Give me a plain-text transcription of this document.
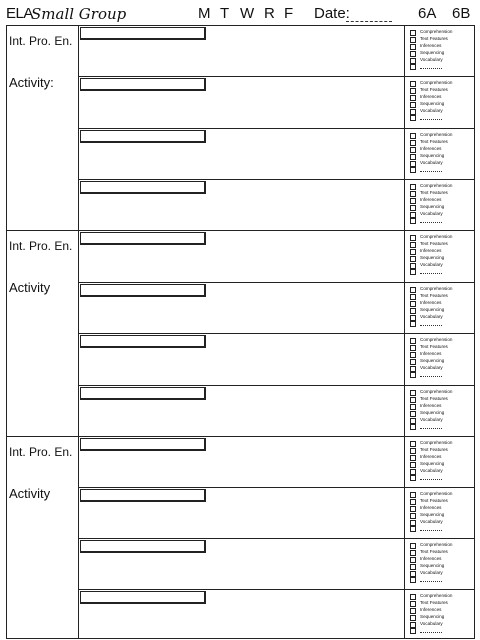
ELA
Small Group	M T W R F Date:	6A 6B
Int. Pro. En.
Activity:
Comprehension
Text Features
Inferences
Sequencing
Vocabulary
Comprehension
Text Features
Inferences
Sequencing
Vocabulary
Comprehension
Text Features
Inferences
Sequencing
Vocabulary
Comprehension
Text Features
Inferences
Sequencing
Vocabulary
Int. Pro. En.
Activity
Comprehension
Text Features
Inferences
Sequencing
Vocabulary
Comprehension
Text Features
Inferences
Sequencing
Vocabulary
Comprehension
Text Features
Inferences
Sequencing
Vocabulary
Comprehension
Text Features
Inferences
Sequencing
Vocabulary
Int. Pro. En.
Activity
Comprehension
Text Features
Inferences
Sequencing
Vocabulary
Comprehension
Text Features
Inferences
Sequencing
Vocabulary
Comprehension
Text Features
Inferences
Sequencing
Vocabulary
Comprehension
Text Features
Inferences
Sequencing
Vocabulary
